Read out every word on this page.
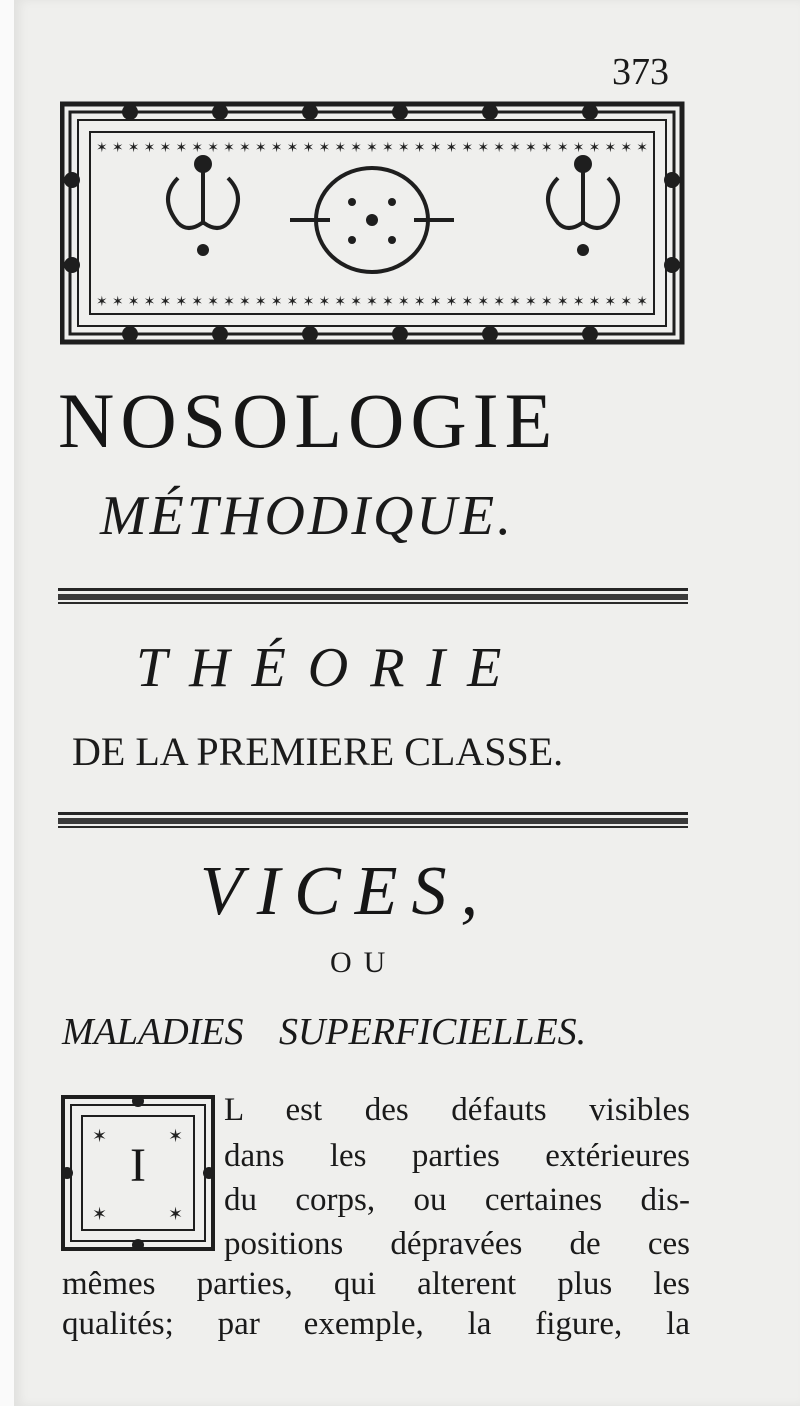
373
✶✶✶✶✶✶✶✶✶✶✶✶✶✶✶✶✶✶✶✶✶✶✶✶✶✶✶✶✶✶✶✶✶✶✶
✶✶✶✶✶✶✶✶✶✶✶✶✶✶✶✶✶✶✶✶✶✶✶✶✶✶✶✶✶✶✶✶✶✶✶
NOSOLOGIE
MÉTHODIQUE.
THÉORIE
DE LA PREMIERE CLASSE.
VICES,
OU
MALADIES SUPERFICIELLES.
✶	✶
✶	✶
I
L est des défauts visibles
dans les parties extérieures
du corps, ou certaines dis-
positions dépravées de ces
mêmes parties, qui alterent plus les
qualités; par exemple, la figure, la
